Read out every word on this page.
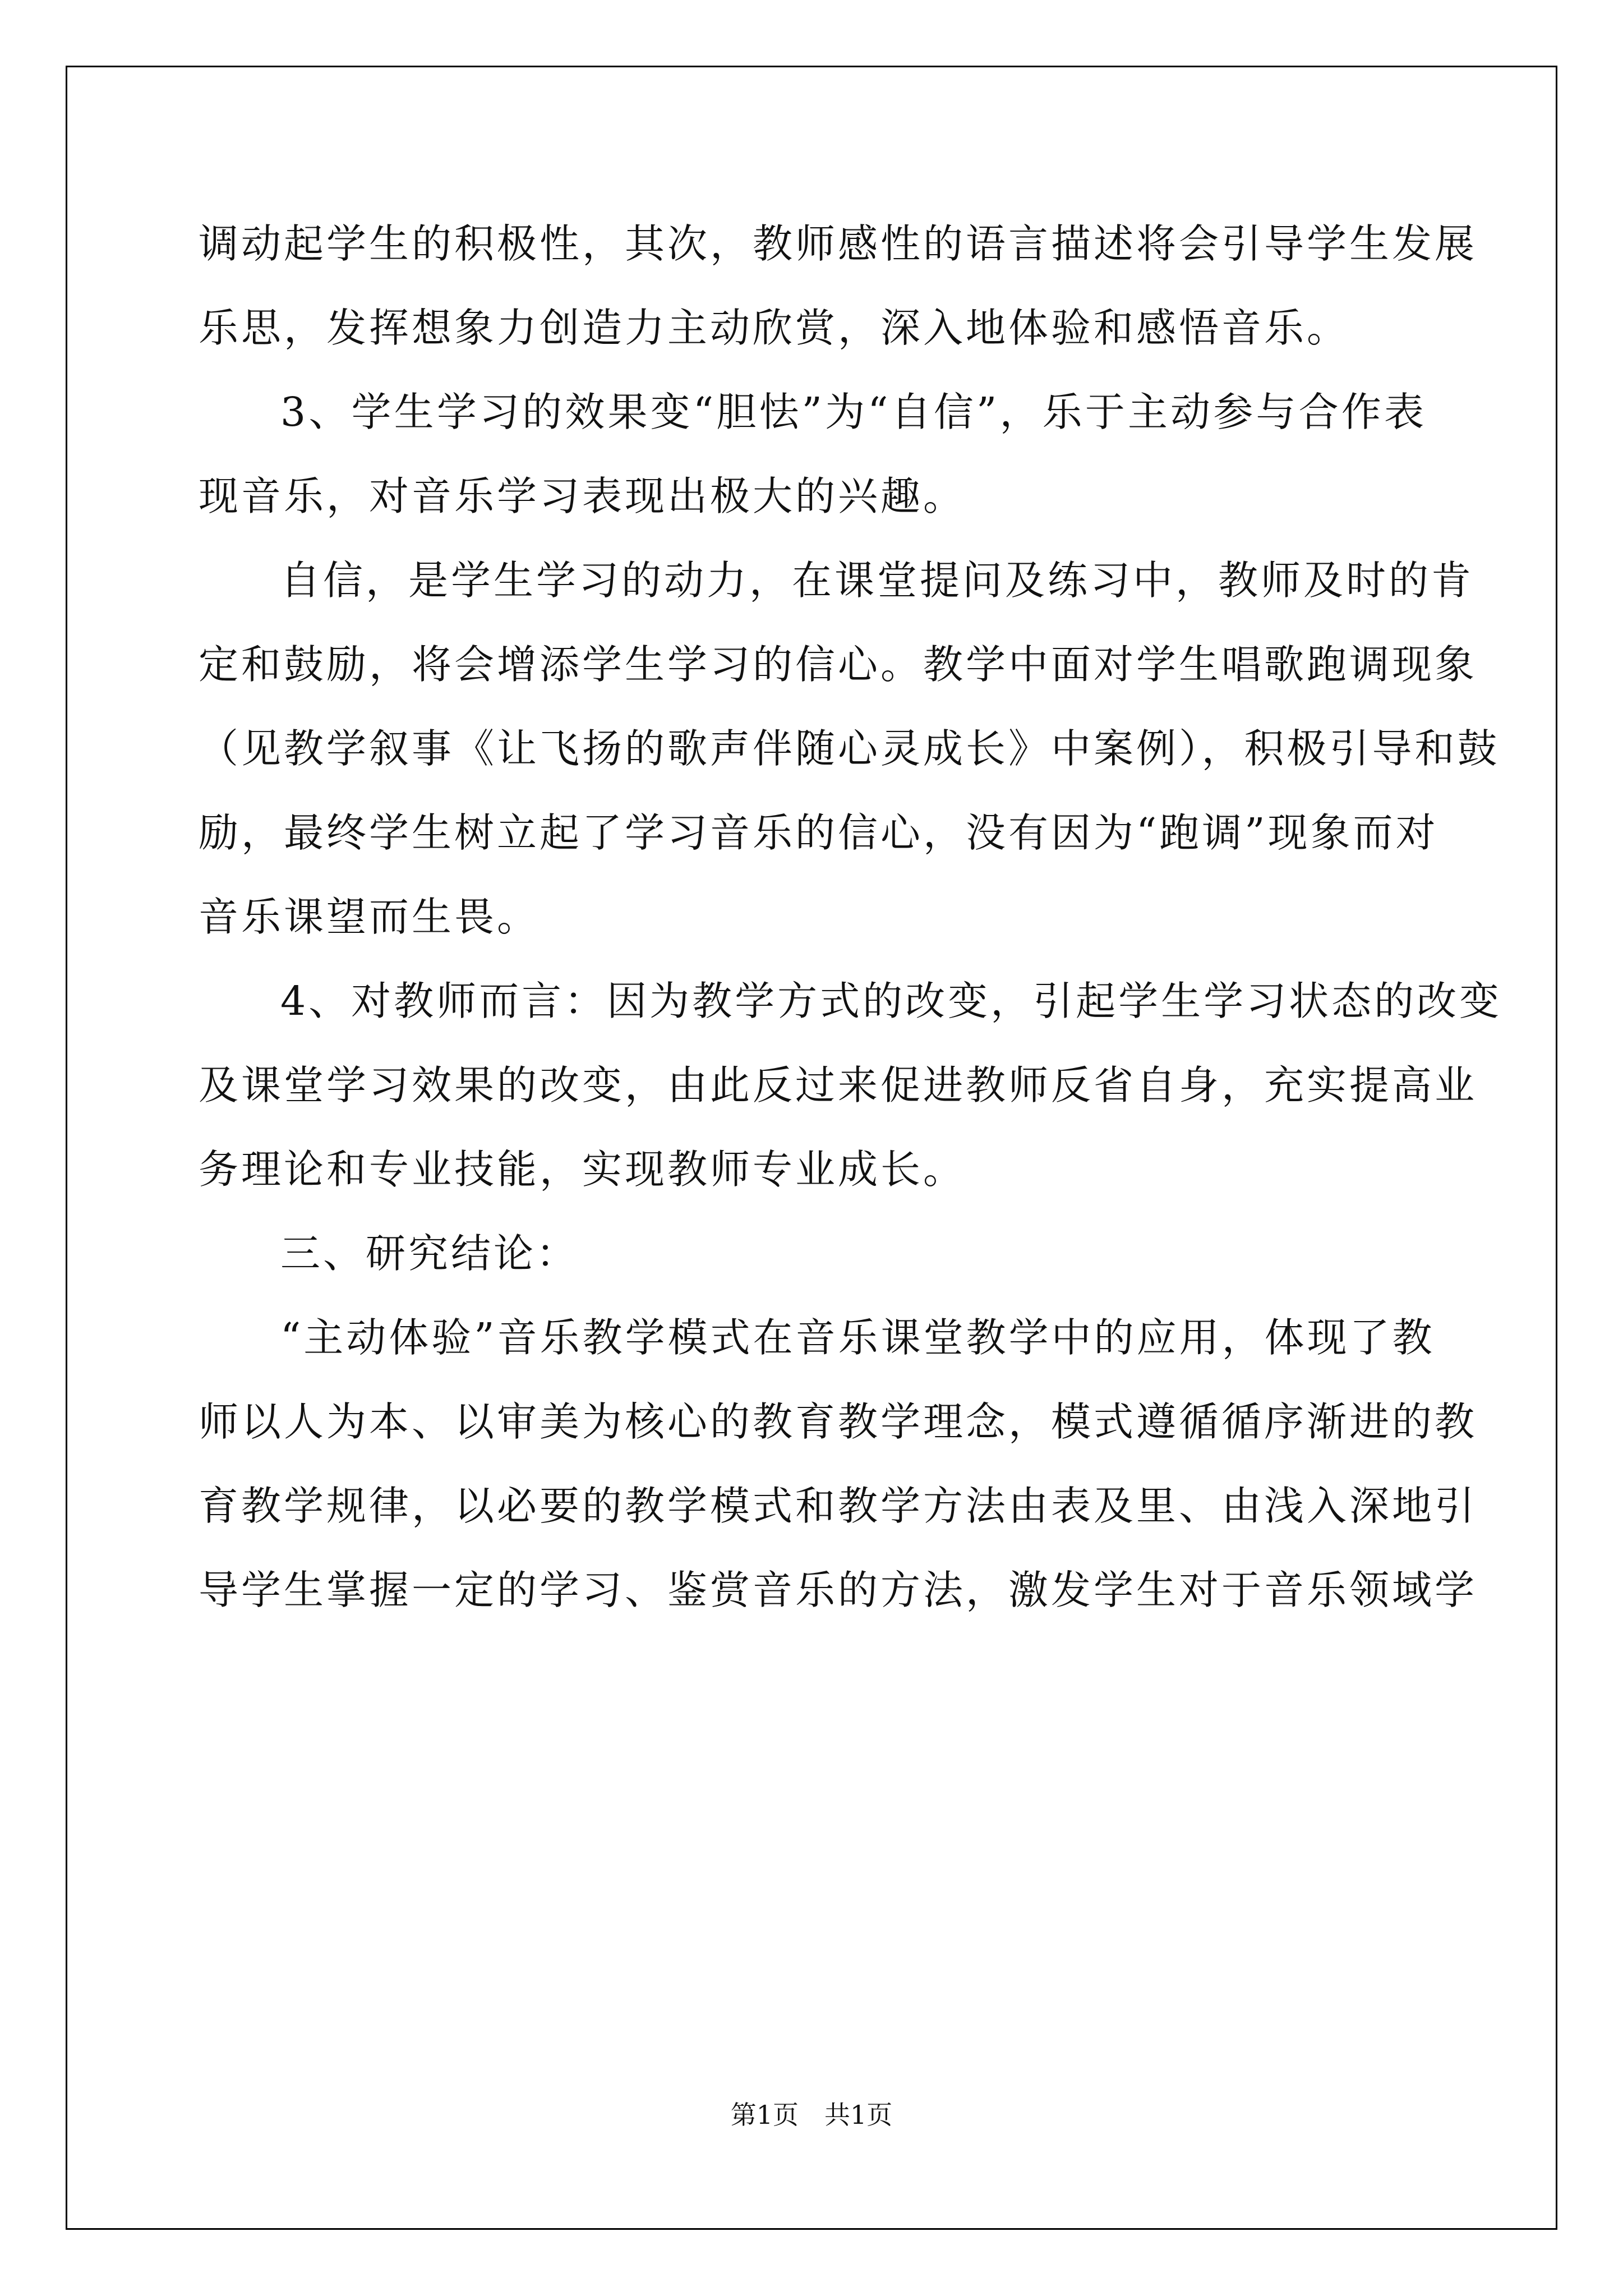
调动起学生的积极性，其次，教师感性的语言描述将会引导学生发展
乐思，发挥想象力创造力主动欣赏，深入地体验和感悟音乐。
3、学生学习的效果变“胆怯”为“自信”，乐于主动参与合作表
现音乐，对音乐学习表现出极大的兴趣。
自信，是学生学习的动力，在课堂提问及练习中，教师及时的肯
定和鼓励，将会增添学生学习的信心。教学中面对学生唱歌跑调现象
（见教学叙事《让飞扬的歌声伴随心灵成长》中案例），积极引导和鼓
励，最终学生树立起了学习音乐的信心，没有因为“跑调”现象而对
音乐课望而生畏。
4、对教师而言：因为教学方式的改变，引起学生学习状态的改变
及课堂学习效果的改变，由此反过来促进教师反省自身，充实提高业
务理论和专业技能，实现教师专业成长。
三、研究结论：
“主动体验”音乐教学模式在音乐课堂教学中的应用，体现了教
师以人为本、以审美为核心的教育教学理念，模式遵循循序渐进的教
育教学规律，以必要的教学模式和教学方法由表及里、由浅入深地引
导学生掌握一定的学习、鉴赏音乐的方法，激发学生对于音乐领域学
第1页　共1页
